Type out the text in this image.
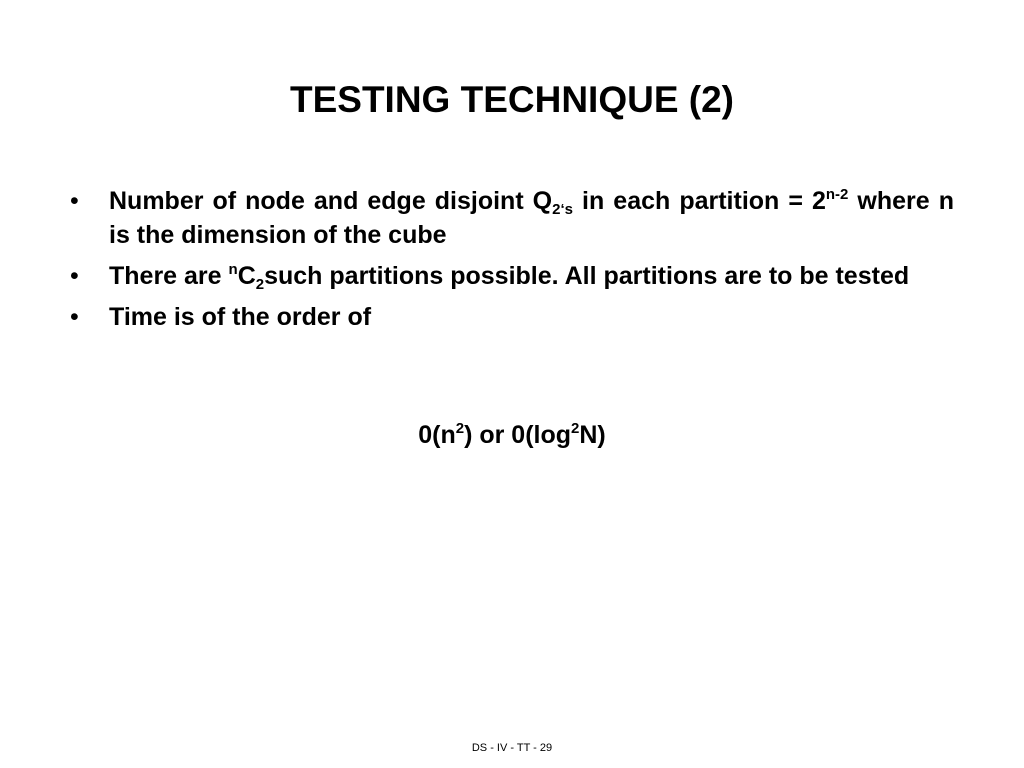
TESTING TECHNIQUE (2)
• Number of node and edge disjoint $Q_{2‘s}$ in each partition = $2^{n-2}$ where n is the dimension of the cube
• There are $^nC_2such$ partitions possible. All partitions are to be tested
• Time is of the order of
$0(n^2)$ or $0(\log^2N)$
DS - IV - TT - 29
